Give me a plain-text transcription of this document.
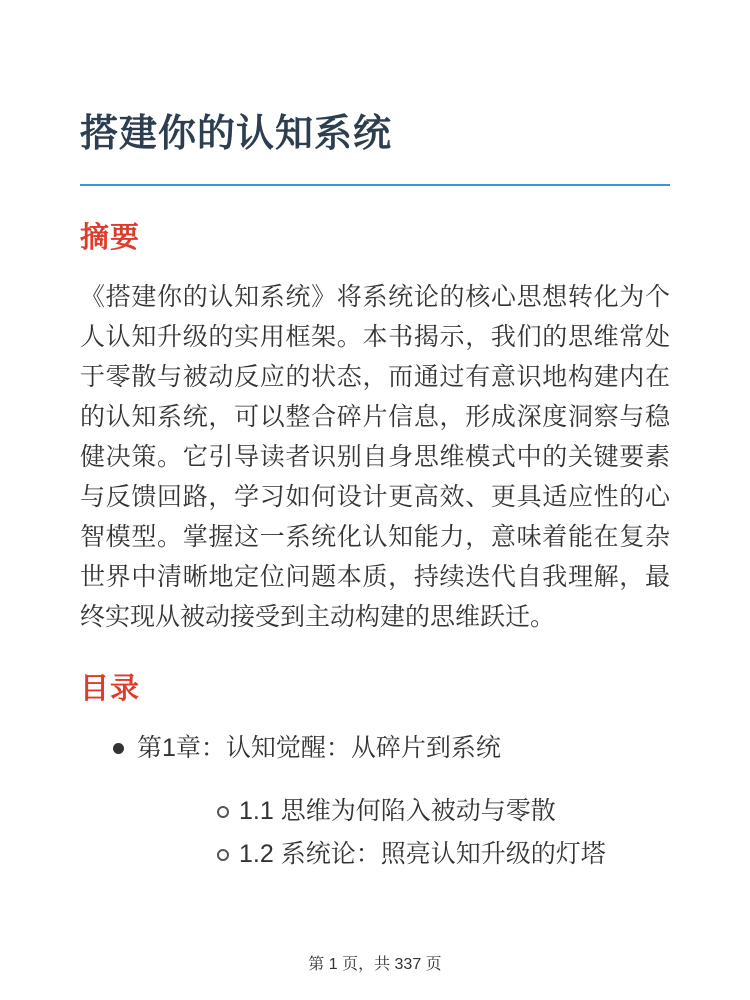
搭建你的认知系统
摘要

《搭建你的认知系统》将系统论的核心思想转化为个人认知升级的实用框架。本书揭示，我们的思维常处于零散与被动反应的状态，而通过有意识地构建内在的认知系统，可以整合碎片信息，形成深度洞察与稳健决策。它引导读者识别自身思维模式中的关键要素与反馈回路，学习如何设计更高效、更具适应性的心智模型。掌握这一系统化认知能力，意味着能在复杂世界中清晰地定位问题本质，持续迭代自我理解，最终实现从被动接受到主动构建的思维跃迁。

目录
第1章：认知觉醒：从碎片到系统
1.1 思维为何陷入被动与零散
1.2 系统论：照亮认知升级的灯塔
第 1 页，共 337 页
